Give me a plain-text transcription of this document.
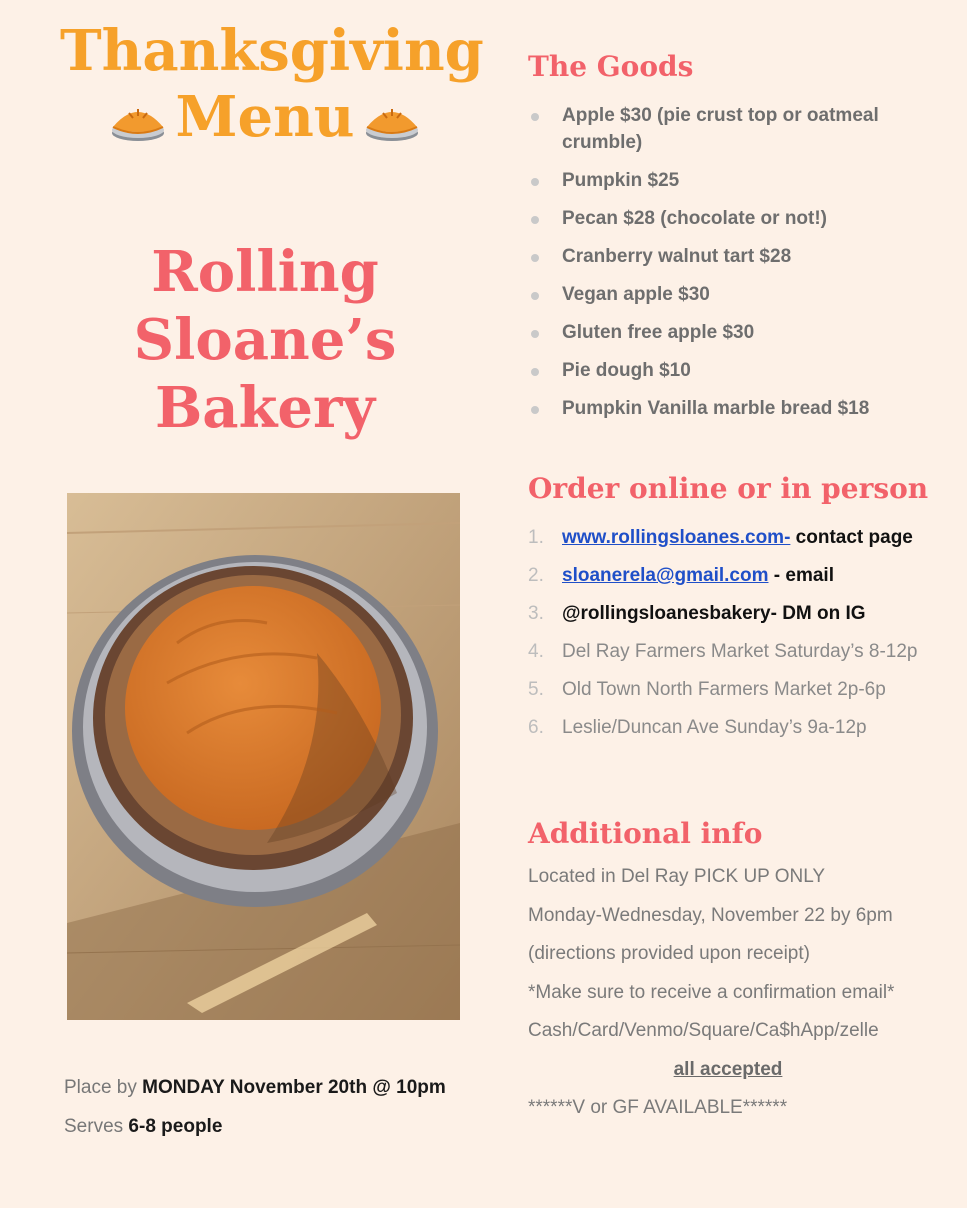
Thanksgiving
Menu
Rolling
Sloane’s
Bakery
Place by MONDAY November 20th @ 10pm
Serves 6-8 people
The Goods
Apple $30 (pie crust top or oatmeal crumble)
Pumpkin $25
Pecan $28 (chocolate or not!)
Cranberry walnut tart $28
Vegan apple $30
Gluten free apple $30
Pie dough $10
Pumpkin Vanilla marble bread $18
Order online or in person
1. www.rollingsloanes.com- contact page
2. sloanerela@gmail.com - email
3. @rollingsloanesbakery- DM on IG
4. Del Ray Farmers Market Saturday’s 8-12p
5. Old Town North Farmers Market 2p-6p
6. Leslie/Duncan Ave Sunday’s 9a-12p
Additional info
Located in Del Ray PICK UP ONLY
Monday-Wednesday, November 22 by 6pm
(directions provided upon receipt)
*Make sure to receive a confirmation email*
Cash/Card/Venmo/Square/Ca$hApp/zelle
all accepted
******V or GF AVAILABLE******
